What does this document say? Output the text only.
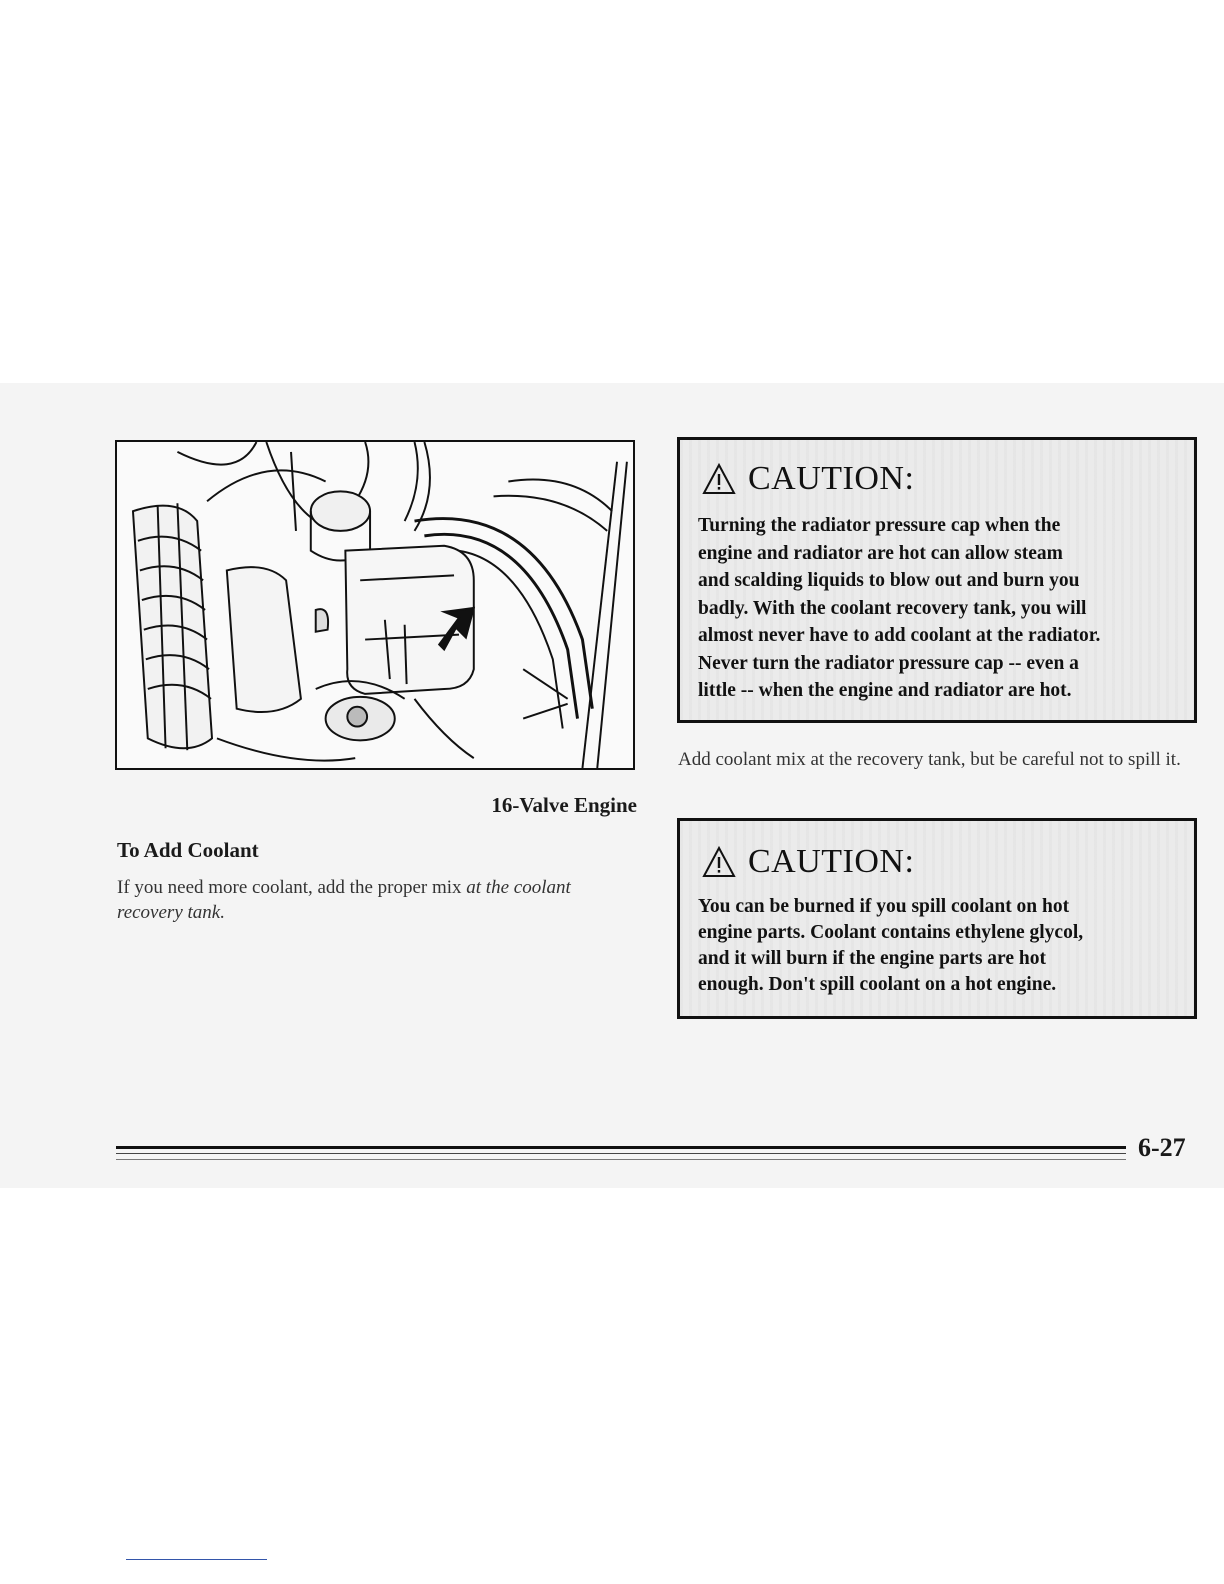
16-Valve Engine
To Add Coolant
If you need more coolant, add the proper mix at the coolant recovery tank.
CAUTION:
Turning the radiator pressure cap when the
engine and radiator are hot can allow steam
and scalding liquids to blow out and burn you
badly. With the coolant recovery tank, you will
almost never have to add coolant at the radiator.
Never turn the radiator pressure cap -- even a
little -- when the engine and radiator are hot.
Add coolant mix at the recovery tank, but be careful not to spill it.
CAUTION:
You can be burned if you spill coolant on hot
engine parts. Coolant contains ethylene glycol,
and it will burn if the engine parts are hot
enough. Don't spill coolant on a hot engine.
6-27
